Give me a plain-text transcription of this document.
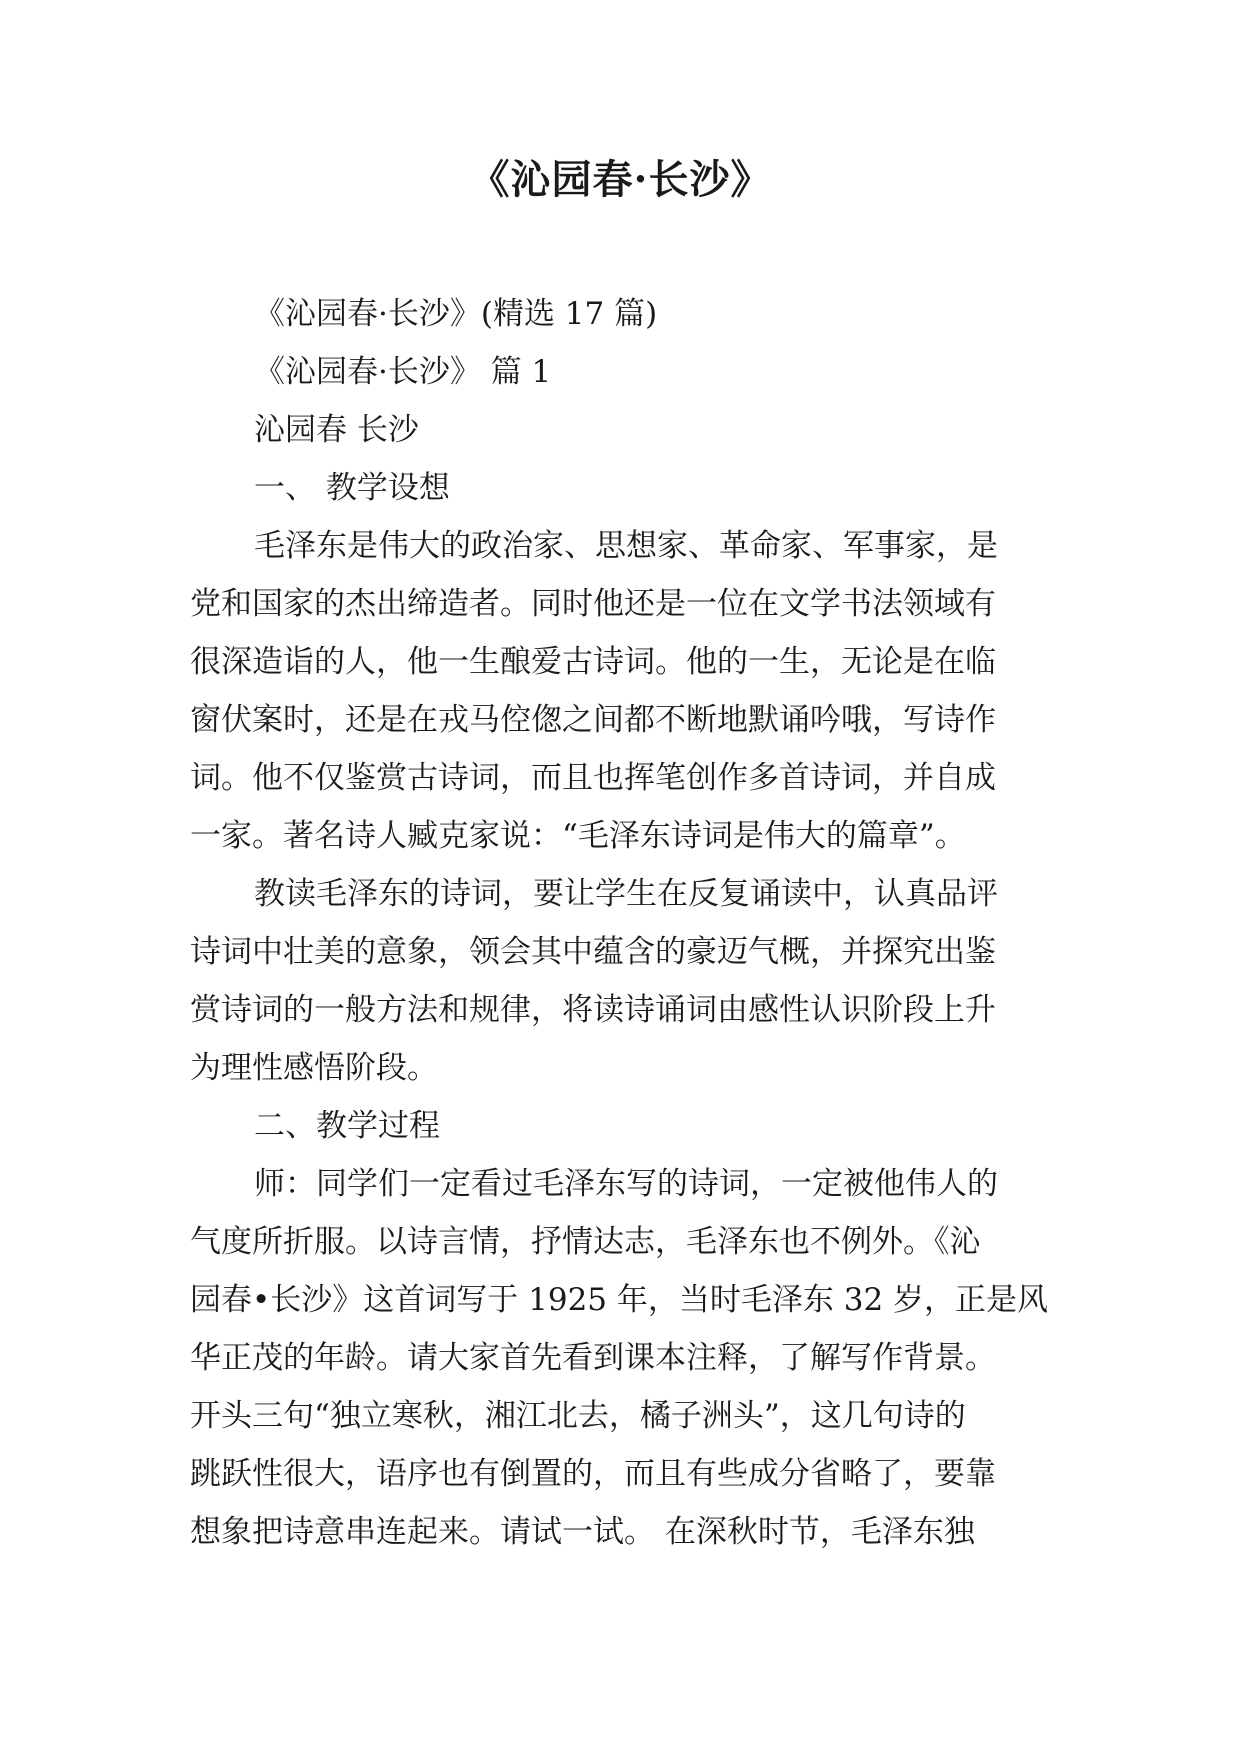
《沁园春·长沙》
《沁园春·长沙》(精选 17 篇)
《沁园春·长沙》 篇 1
沁园春 长沙
一、 教学设想
毛泽东是伟大的政治家、思想家、革命家、军事家，是
党和国家的杰出缔造者。同时他还是一位在文学书法领域有
很深造诣的人，他一生酿爱古诗词。他的一生，无论是在临
窗伏案时，还是在戎马倥偬之间都不断地默诵吟哦，写诗作
词。他不仅鉴赏古诗词，而且也挥笔创作多首诗词，并自成
一家。著名诗人臧克家说：“毛泽东诗词是伟大的篇章”。
教读毛泽东的诗词，要让学生在反复诵读中，认真品评
诗词中壮美的意象，领会其中蕴含的豪迈气概，并探究出鉴
赏诗词的一般方法和规律，将读诗诵词由感性认识阶段上升
为理性感悟阶段。
二、教学过程
师：同学们一定看过毛泽东写的诗词，一定被他伟人的
气度所折服。以诗言情，抒情达志，毛泽东也不例外。《沁
园春•长沙》这首词写于 1925 年，当时毛泽东 32 岁，正是风
华正茂的年龄。请大家首先看到课本注释，了解写作背景。
开头三句“独立寒秋，湘江北去，橘子洲头”，这几句诗的
跳跃性很大，语序也有倒置的，而且有些成分省略了，要靠
想象把诗意串连起来。请试一试。 在深秋时节，毛泽东独
